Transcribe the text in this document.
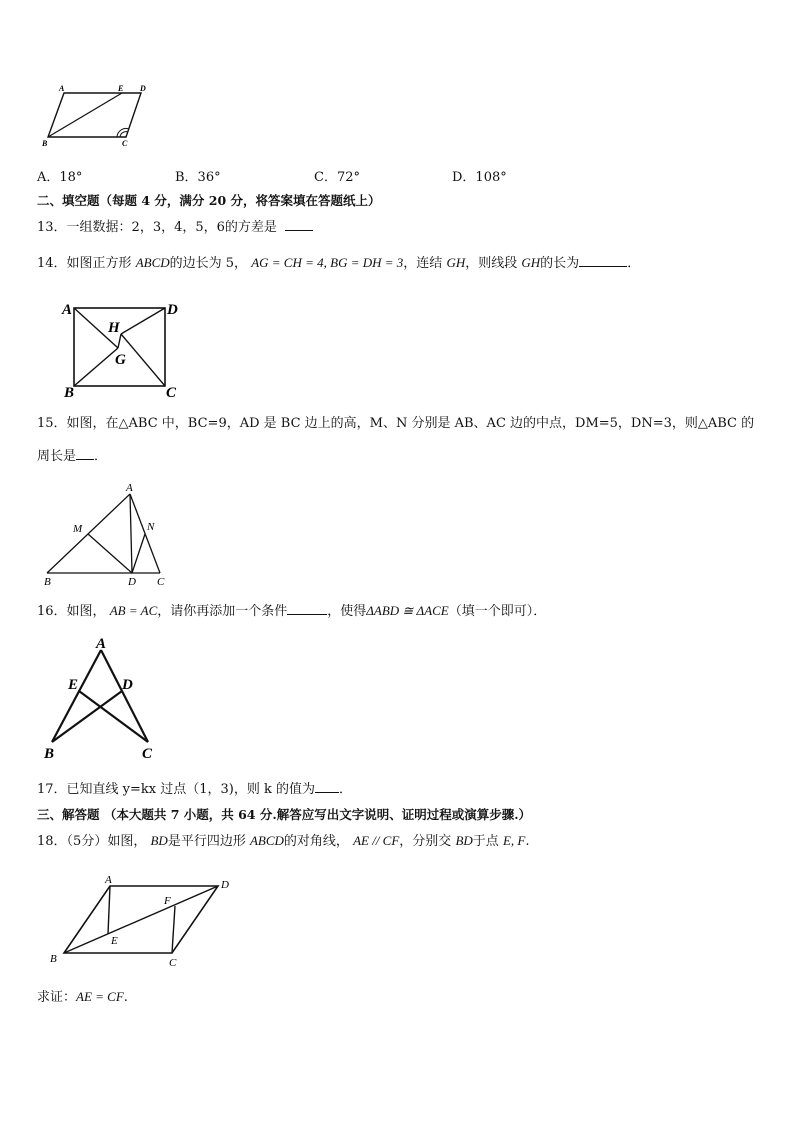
A	E D
B	C
A．18°	B．36°	C．72°	D．108°
二、填空题（每题 4 分，满分 20 分，将答案填在答题纸上）
13．一组数据：2，3，4，5，6的方差是
14．如图正方形 ABCD的边长为 5， AG = CH = 4, BG = DH = 3，连结 GH，则线段 GH的长为	．
A	D
H
G
B	C
15．如图，在△ABC 中，BC=9，AD 是 BC 边上的高，M、N 分别是 AB、AC 边的中点，DM=5，DN=3，则△ABC 的
周长是 ．
A
M	N
B	D C
16．如图， AB = AC，请你再添加一个条件	，使得ΔABD ≅ ΔACE（填一个即可）．
A
E	D
B	C
17．已知直线 y=kx 过点（1，3)，则 k 的值为 ．
三、解答题 （本大题共 7 小题，共 64 分.解答应写出文字说明、证明过程或演算步骤.）
18．（5分）如图， BD是平行四边形 ABCD的对角线， AE // CF，分别交 BD于点 E, F.
A	D
F
E
B	C
求证：AE = CF.
